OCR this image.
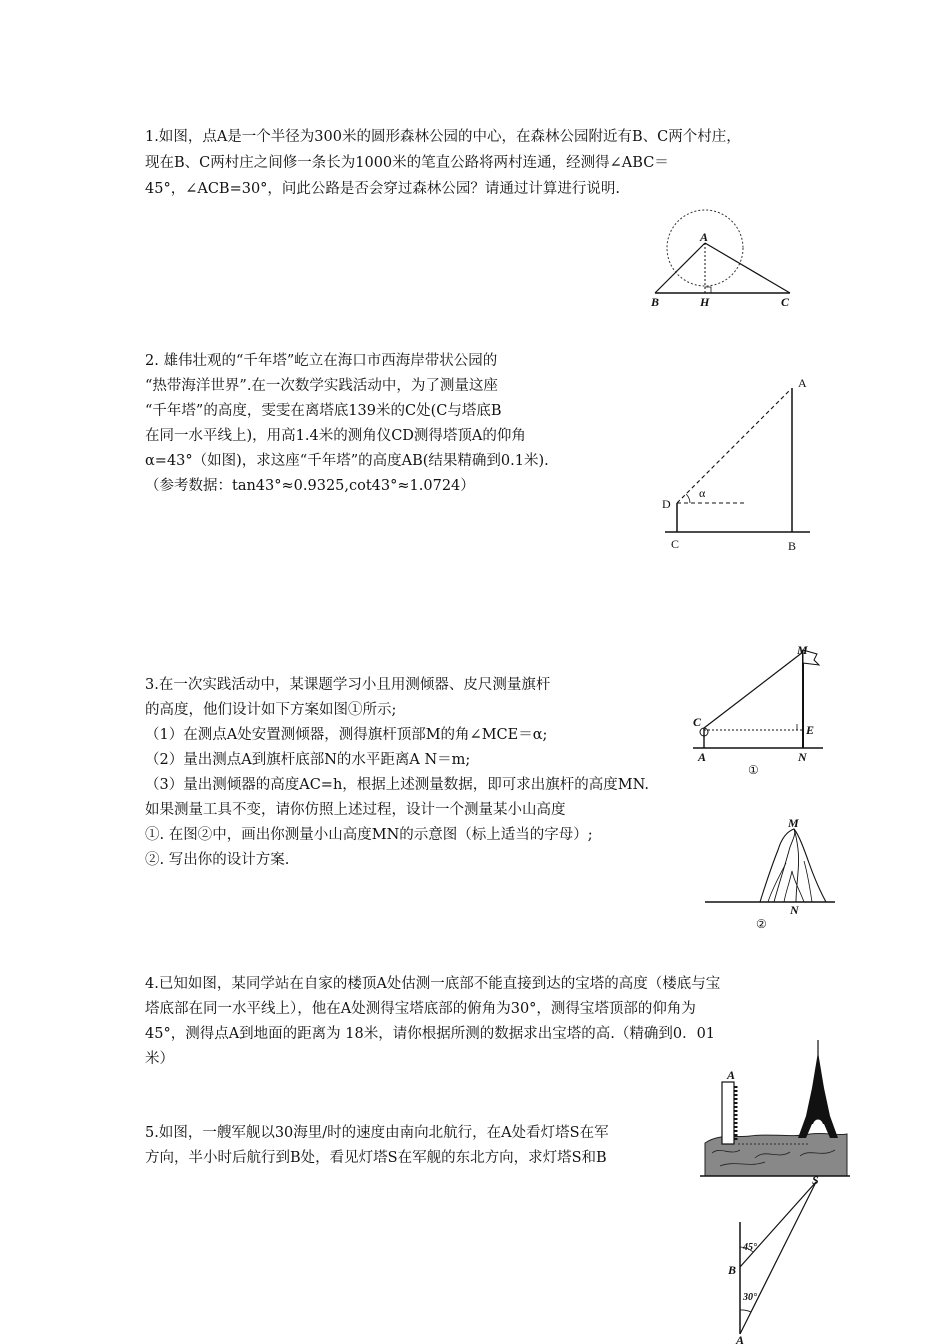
1.如图，点A是一个半径为300米的圆形森林公园的中心，在森林公园附近有B、C两个村庄，
现在B、C两村庄之间修一条长为1000米的笔直公路将两村连通，经测得∠ABC＝
45°，∠ACB=30°，问此公路是否会穿过森林公园？请通过计算进行说明.
A
B	H	C
2. 雄伟壮观的“千年塔”屹立在海口市西海岸带状公园的
“热带海洋世界”.在一次数学实践活动中，为了测量这座
“千年塔”的高度，雯雯在离塔底139米的C处(C与塔底B
在同一水平线上)，用高1.4米的测角仪CD测得塔顶A的仰角
α=43°（如图)，求这座“千年塔”的高度AB(结果精确到0.1米).
（参考数据：tan43°≈0.9325,cot43°≈1.0724）
A
D
α
C	B
3.在一次实践活动中，某课题学习小且用测倾器、皮尺测量旗杆
的高度，他们设计如下方案如图①所示;
（1）在测点A处安置测倾器，测得旗杆顶部M的角∠MCE＝α;
（2）量出测点A到旗杆底部N的水平距离A N＝m;
（3）量出测倾器的高度AC=h，根据上述测量数据，即可求出旗杆的高度MN.
如果测量工具不变，请你仿照上述过程，设计一个测量某小山高度
①. 在图②中，画出你测量小山高度MN的示意图（标上适当的字母）;
②. 写出你的设计方案.
M
C
E
A	N
①
M
N
②
4.已知如图，某同学站在自家的楼顶A处估测一底部不能直接到达的宝塔的高度（楼底与宝
塔底部在同一水平线上），他在A处测得宝塔底部的俯角为30°，测得宝塔顶部的仰角为
45°，测得点A到地面的距离为 18米，请你根据所测的数据求出宝塔的高.（精确到0．01
米）
A
5.如图，一艘军舰以30海里/时的速度由南向北航行，在A处看灯塔S在军
方向，半小时后航行到B处，看见灯塔S在军舰的东北方向，求灯塔S和B
S
B
A
45°
30°
